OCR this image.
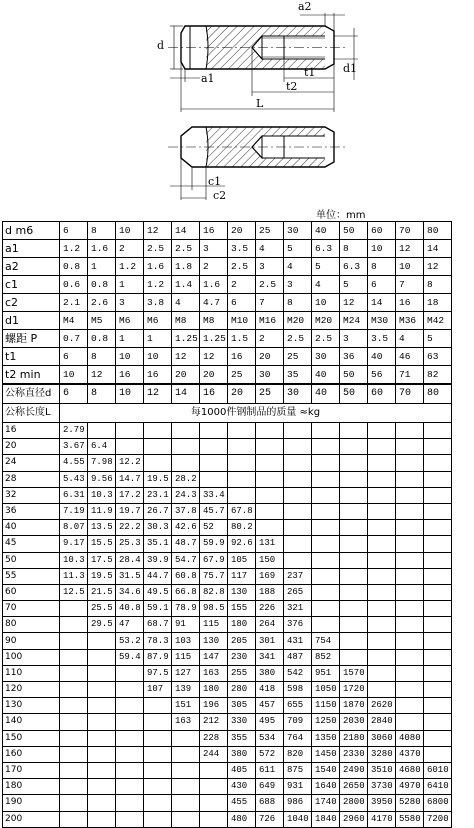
a2
d
d1
a1	t1
t2
L
c1
c2
单位：mm
d m6	6	8	10	12	14	16	20	25	30	40	50	60	70	80
a1	1.2	1.6	2	2.5	2.5	3	3.5	4	5	6.3	8	10	12	14
a2	0.8	1	1.2	1.6	1.8	2	2.5	3	4	5	6.3	8	10	12
c1	0.6	0.8	1	1.2	1.4	1.6	2	2.5	3	4	5	6	7	8
c2	2.1	2.6	3	3.8	4	4.7	6	7	8	10	12	14	16	18
d1	M4	M5	M6	M6	M8	M8	M10	M16	M20	M20	M24	M30	M36	M42
螺距 P	0.7	0.8	1	1	1.25	1.25	1.5	2	2.5	2.5	3	3.5	4	5
t1	6	8	10	10	12	12	16	20	25	30	36	40	46	63
t2 min	10	12	16	16	20	20	25	30	35	40	50	56	71	82
公称直径d	6	8	10	12	14	16	20	25	30	40	50	60	70	80
公称长度L	每1000件钢制品的质量 ≈kg													
16	2.79													
20	3.67	6.4												
24	4.55	7.98	12.2											
28	5.43	9.56	14.7	19.5	28.2									
32	6.31	10.3	17.2	23.1	24.3	33.4								
36	7.19	11.9	19.7	26.7	37.8	45.7	67.8							
40	8.07	13.5	22.2	30.3	42.6	52	80.2							
45	9.17	15.5	25.3	35.1	48.7	59.9	92.6	131						
50	10.3	17.5	28.4	39.9	54.7	67.9	105	150						
55	11.3	19.5	31.5	44.7	60.8	75.7	117	169	237					
60	12.5	21.5	34.6	49.5	66.8	82.8	130	188	265					
70		25.5	40.8	59.1	78.9	98.5	155	226	321					
80		29.5	47	68.7	91	115	180	264	376					
90			53.2	78.3	103	130	205	301	431	754				
100			59.4	87.9	115	147	230	341	487	852				
110				97.5	127	163	255	380	542	951	1570			
120				107	139	180	280	418	598	1050	1720			
130					151	196	305	457	655	1150	1870	2620		
140					163	212	330	495	709	1250	2030	2840		
150						228	355	534	764	1350	2180	3060	4080	
160						244	380	572	820	1450	2330	3280	4370	
170							405	611	875	1540	2490	3510	4680	6010
180							430	649	931	1640	2650	3730	4970	6410
190							455	688	986	1740	2800	3950	5280	6800
200							480	726	1040	1840	2960	4170	5580	7200
